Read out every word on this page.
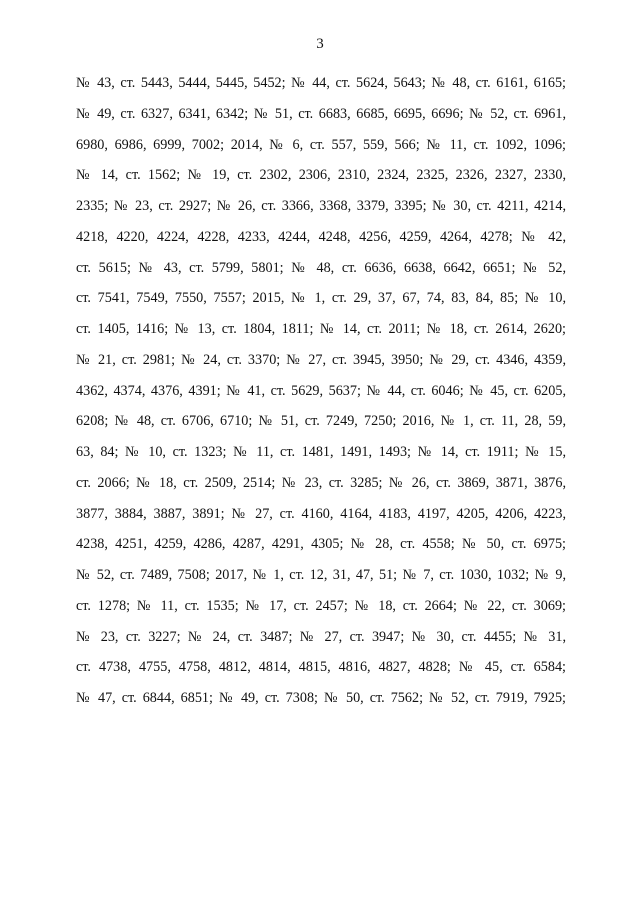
3
№ 43, ст. 5443, 5444, 5445, 5452; № 44, ст. 5624, 5643; № 48, ст. 6161, 6165;
№ 49, ст. 6327, 6341, 6342; № 51, ст. 6683, 6685, 6695, 6696; № 52, ст. 6961,
6980, 6986, 6999, 7002; 2014, № 6, ст. 557, 559, 566; № 11, ст. 1092, 1096;
№ 14, ст. 1562; № 19, ст. 2302, 2306, 2310, 2324, 2325, 2326, 2327, 2330,
2335; № 23, ст. 2927; № 26, ст. 3366, 3368, 3379, 3395; № 30, ст. 4211, 4214,
4218, 4220, 4224, 4228, 4233, 4244, 4248, 4256, 4259, 4264, 4278; № 42,
ст. 5615; № 43, ст. 5799, 5801; № 48, ст. 6636, 6638, 6642, 6651; № 52,
ст. 7541, 7549, 7550, 7557; 2015, № 1, ст. 29, 37, 67, 74, 83, 84, 85; № 10,
ст. 1405, 1416; № 13, ст. 1804, 1811; № 14, ст. 2011; № 18, ст. 2614, 2620;
№ 21, ст. 2981; № 24, ст. 3370; № 27, ст. 3945, 3950; № 29, ст. 4346, 4359,
4362, 4374, 4376, 4391; № 41, ст. 5629, 5637; № 44, ст. 6046; № 45, ст. 6205,
6208; № 48, ст. 6706, 6710; № 51, ст. 7249, 7250; 2016, № 1, ст. 11, 28, 59,
63, 84; № 10, ст. 1323; № 11, ст. 1481, 1491, 1493; № 14, ст. 1911; № 15,
ст. 2066; № 18, ст. 2509, 2514; № 23, ст. 3285; № 26, ст. 3869, 3871, 3876,
3877, 3884, 3887, 3891; № 27, ст. 4160, 4164, 4183, 4197, 4205, 4206, 4223,
4238, 4251, 4259, 4286, 4287, 4291, 4305; № 28, ст. 4558; № 50, ст. 6975;
№ 52, ст. 7489, 7508; 2017, № 1, ст. 12, 31, 47, 51; № 7, ст. 1030, 1032; № 9,
ст. 1278; № 11, ст. 1535; № 17, ст. 2457; № 18, ст. 2664; № 22, ст. 3069;
№ 23, ст. 3227; № 24, ст. 3487; № 27, ст. 3947; № 30, ст. 4455; № 31,
ст. 4738, 4755, 4758, 4812, 4814, 4815, 4816, 4827, 4828; № 45, ст. 6584;
№ 47, ст. 6844, 6851; № 49, ст. 7308; № 50, ст. 7562; № 52, ст. 7919, 7925;
